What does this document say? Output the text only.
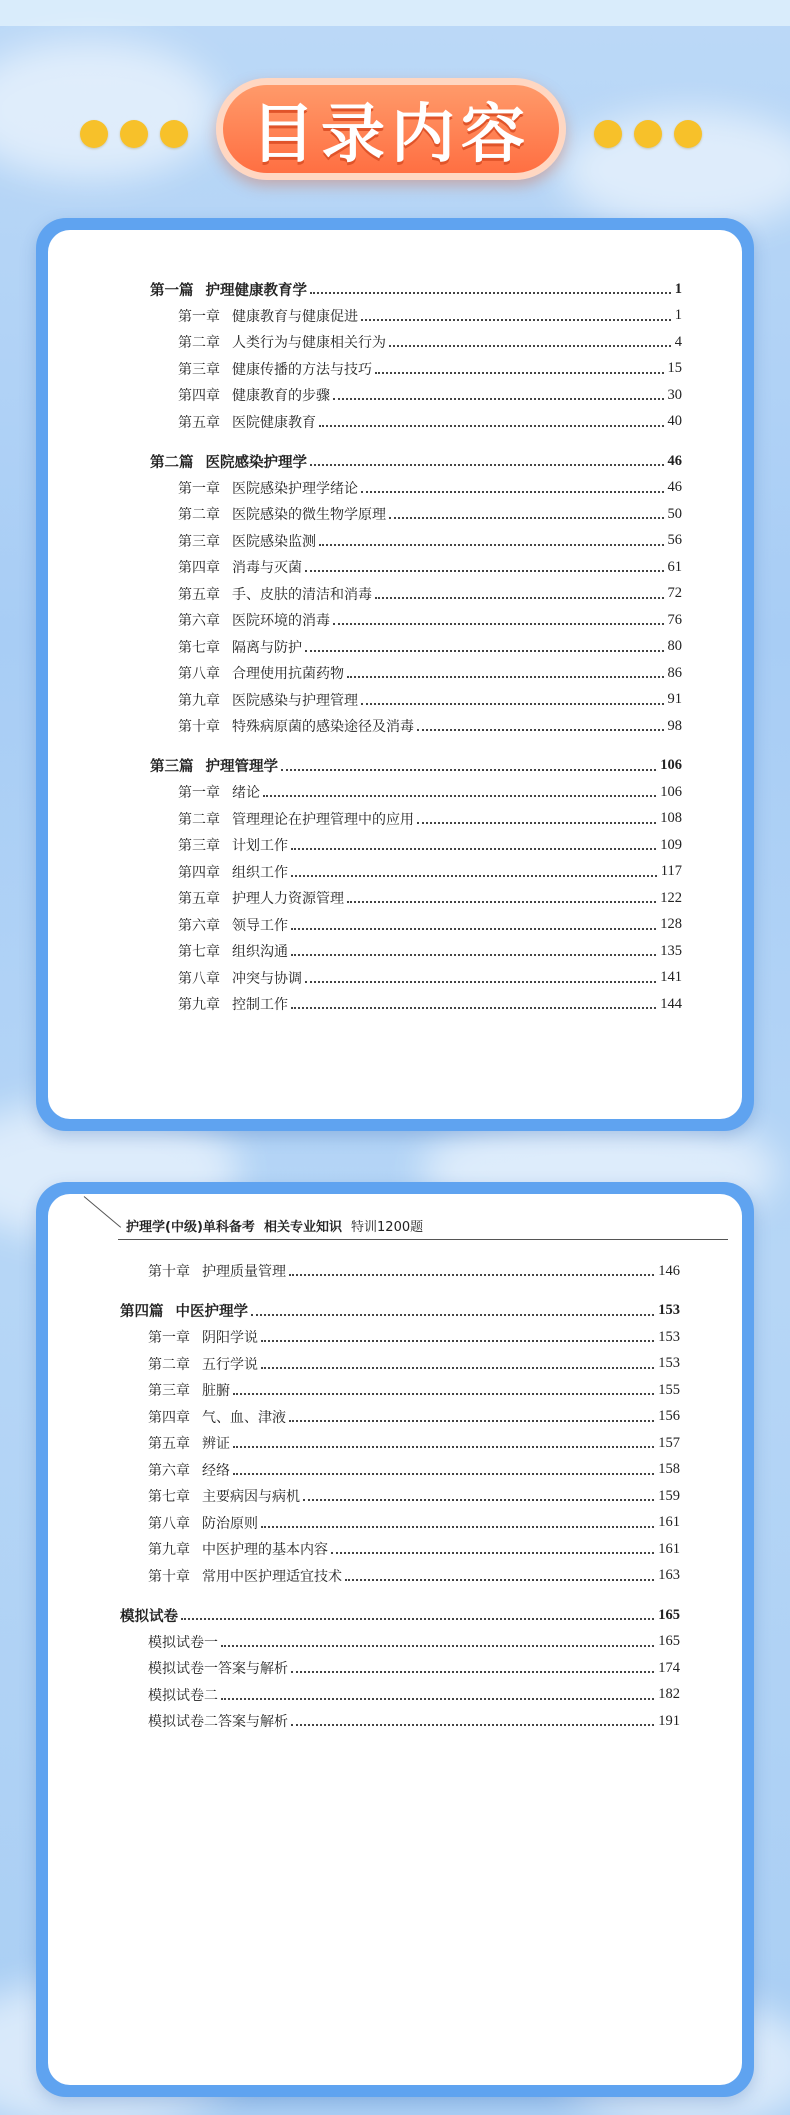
目录内容
第一篇 护理健康教育学	1
第一章 健康教育与健康促进	1
第二章 人类行为与健康相关行为	4
第三章 健康传播的方法与技巧	15
第四章 健康教育的步骤	30
第五章 医院健康教育	40
第二篇 医院感染护理学	46
第一章 医院感染护理学绪论	46
第二章 医院感染的微生物学原理	50
第三章 医院感染监测	56
第四章 消毒与灭菌	61
第五章 手、皮肤的清洁和消毒	72
第六章 医院环境的消毒	76
第七章 隔离与防护	80
第八章 合理使用抗菌药物	86
第九章 医院感染与护理管理	91
第十章 特殊病原菌的感染途径及消毒	98
第三篇 护理管理学	106
第一章 绪论	106
第二章 管理理论在护理管理中的应用	108
第三章 计划工作	109
第四章 组织工作	117
第五章 护理人力资源管理	122
第六章 领导工作	128
第七章 组织沟通	135
第八章 冲突与协调	141
第九章 控制工作	144
护理学(中级)单科备考 相关专业知识 特训1200题
第十章 护理质量管理	146
第四篇 中医护理学	153
第一章 阴阳学说	153
第二章 五行学说	153
第三章 脏腑	155
第四章 气、血、津液	156
第五章 辨证	157
第六章 经络	158
第七章 主要病因与病机	159
第八章 防治原则	161
第九章 中医护理的基本内容	161
第十章 常用中医护理适宜技术	163
模拟试卷	165
模拟试卷一	165
模拟试卷一答案与解析	174
模拟试卷二	182
模拟试卷二答案与解析	191
